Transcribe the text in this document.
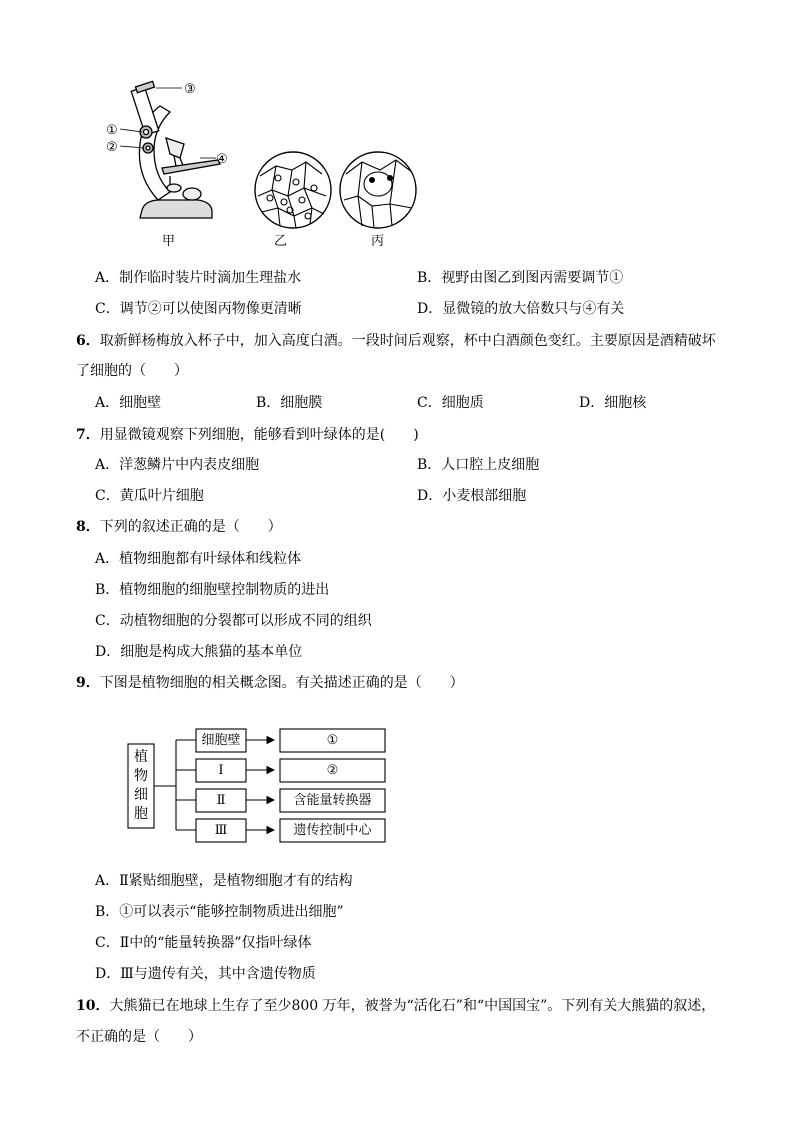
①
②
③
④
甲	乙	丙
A．制作临时装片时滴加生理盐水	B．视野由图乙到图丙需要调节①
C．调节②可以使图丙物像更清晰	D．显微镜的放大倍数只与④有关
6．取新鲜杨梅放入杯子中，加入高度白酒。一段时间后观察，杯中白酒颜色变红。主要原因是酒精破坏
了细胞的（　　）
A．细胞壁	B．细胞膜	C．细胞质	D．细胞核
7．用显微镜观察下列细胞，能够看到叶绿体的是(　　)
A．洋葱鳞片中内表皮细胞	B．人口腔上皮细胞
C．黄瓜叶片细胞	D．小麦根部细胞
8．下列的叙述正确的是（　　）
A．植物细胞都有叶绿体和线粒体
B．植物细胞的细胞壁控制物质的进出
C．动植物细胞的分裂都可以形成不同的组织
D．细胞是构成大熊猫的基本单位
9．下图是植物细胞的相关概念图。有关描述正确的是（　　）
植物细胞
细胞壁
Ⅰ
Ⅱ
Ⅲ
①
②
含能量转换器
遗传控制中心
A．Ⅱ紧贴细胞壁，是植物细胞才有的结构
B．①可以表示“能够控制物质进出细胞”
C．Ⅱ中的“能量转换器”仅指叶绿体
D．Ⅲ与遗传有关，其中含遗传物质
10．大熊猫已在地球上生存了至少800 万年，被誉为“活化石”和“中国国宝”。下列有关大熊猫的叙述，
不正确的是（　　）
